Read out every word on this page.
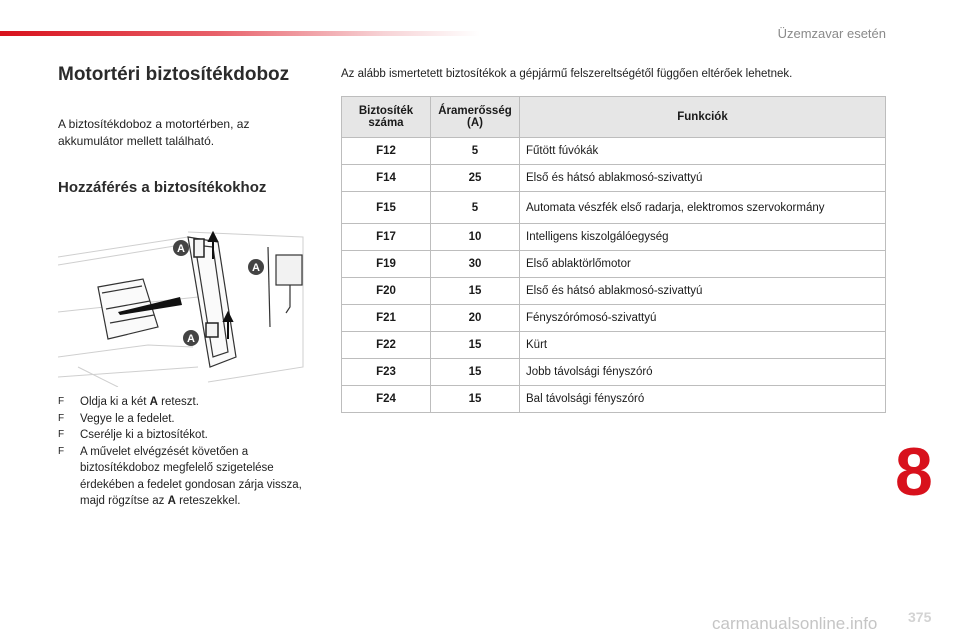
Üzemzavar esetén
Motortéri biztosítékdoboz

A biztosítékdoboz a motortérben, az akkumulátor mellett található.

Hozzáférés a biztosítékokhoz
A
A
A
F Oldja ki a két A reteszt.
F Vegye le a fedelet.
F Cserélje ki a biztosítékot.
F A művelet elvégzését követően a biztosítékdoboz megfelelő szigetelése érdekében a fedelet gondosan zárja vissza, majd rögzítse az A reteszekkel.

Az alább ismertetett biztosítékok a gépjármű felszereltségétől függően eltérőek lehetnek.

Biztosíték száma	Áramerősség (A)	Funkciók
F12	5	Fűtött fúvókák
F14	25	Első és hátsó ablakmosó-szivattyú
F15	5	Automata vészfék első radarja, elektromos szervokormány
F17	10	Intelligens kiszolgálóegység
F19	30	Első ablaktörlőmotor
F20	15	Első és hátsó ablakmosó-szivattyú
F21	20	Fényszórómosó-szivattyú
F22	15	Kürt
F23	15	Jobb távolsági fényszóró
F24	15	Bal távolsági fényszóró
8
375
carmanualsonline.info
